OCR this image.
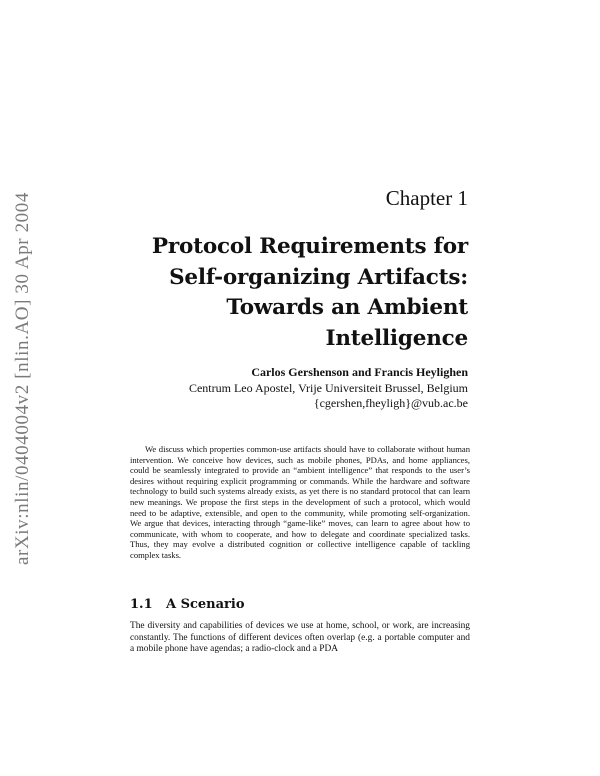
arXiv:nlin/0404004v2 [nlin.AO] 30 Apr 2004	Chapter 1
Protocol Requirements for
Self-organizing Artifacts:
Towards an Ambient
Intelligence
Carlos Gershenson and Francis Heylighen
Centrum Leo Apostel, Vrije Universiteit Brussel, Belgium
{cgershen,fheyligh}@vub.ac.be

We discuss which properties common-use artifacts should have to collaborate without human intervention. We conceive how devices, such as mobile phones, PDAs, and home appliances, could be seamlessly integrated to provide an “ambient intelligence” that responds to the user’s desires without requiring explicit programming or commands. While the hardware and software technology to build such systems already exists, as yet there is no standard protocol that can learn new meanings. We propose the first steps in the development of such a protocol, which would need to be adaptive, extensible, and open to the community, while promoting self-organization. We argue that devices, interacting through “game-like” moves, can learn to agree about how to communicate, with whom to cooperate, and how to delegate and coordinate specialized tasks. Thus, they may evolve a distributed cognition or collective intelligence capable of tackling complex tasks.

1.1 A Scenario

The diversity and capabilities of devices we use at home, school, or work, are increasing constantly. The functions of different devices often overlap (e.g. a portable computer and a mobile phone have agendas; a radio-clock and a PDA
